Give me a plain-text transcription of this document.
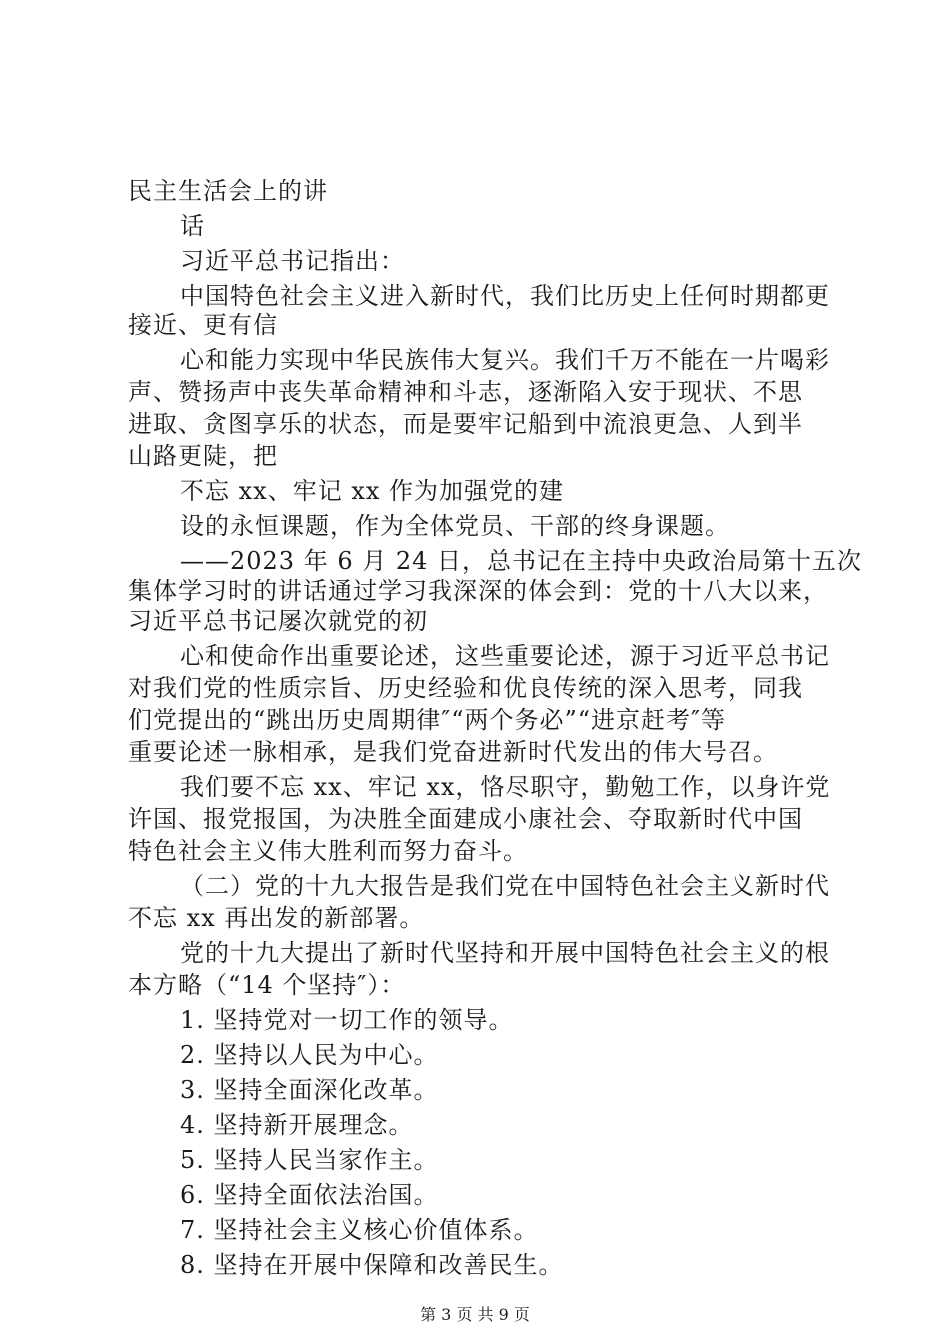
民主生活会上的讲
话
习近平总书记指出：
中国特色社会主义进入新时代，我们比历史上任何时期都更
接近、更有信
心和能力实现中华民族伟大复兴。我们千万不能在一片喝彩
声、赞扬声中丧失革命精神和斗志，逐渐陷入安于现状、不思
进取、贪图享乐的状态，而是要牢记船到中流浪更急、人到半
山路更陡，把
不忘 xx、牢记 xx 作为加强党的建
设的永恒课题，作为全体党员、干部的终身课题。
——2023 年 6 月 24 日，总书记在主持中央政治局第十五次
集体学习时的讲话通过学习我深深的体会到：党的十八大以来，
习近平总书记屡次就党的初
心和使命作出重要论述，这些重要论述，源于习近平总书记
对我们党的性质宗旨、历史经验和优良传统的深入思考，同我
们党提出的“跳出历史周期律″“两个务必”“进京赶考″等
重要论述一脉相承，是我们党奋进新时代发出的伟大号召。
我们要不忘 xx、牢记 xx，恪尽职守，勤勉工作，以身许党
许国、报党报国，为决胜全面建成小康社会、夺取新时代中国
特色社会主义伟大胜利而努力奋斗。
（二）党的十九大报告是我们党在中国特色社会主义新时代
不忘 xx 再出发的新部署。
党的十九大提出了新时代坚持和开展中国特色社会主义的根
本方略（“14 个坚持″）：
1. 坚持党对一切工作的领导。
2. 坚持以人民为中心。
3. 坚持全面深化改革。
4. 坚持新开展理念。
5. 坚持人民当家作主。
6. 坚持全面依法治国。
7. 坚持社会主义核心价值体系。
8. 坚持在开展中保障和改善民生。
第 3 页 共 9 页
